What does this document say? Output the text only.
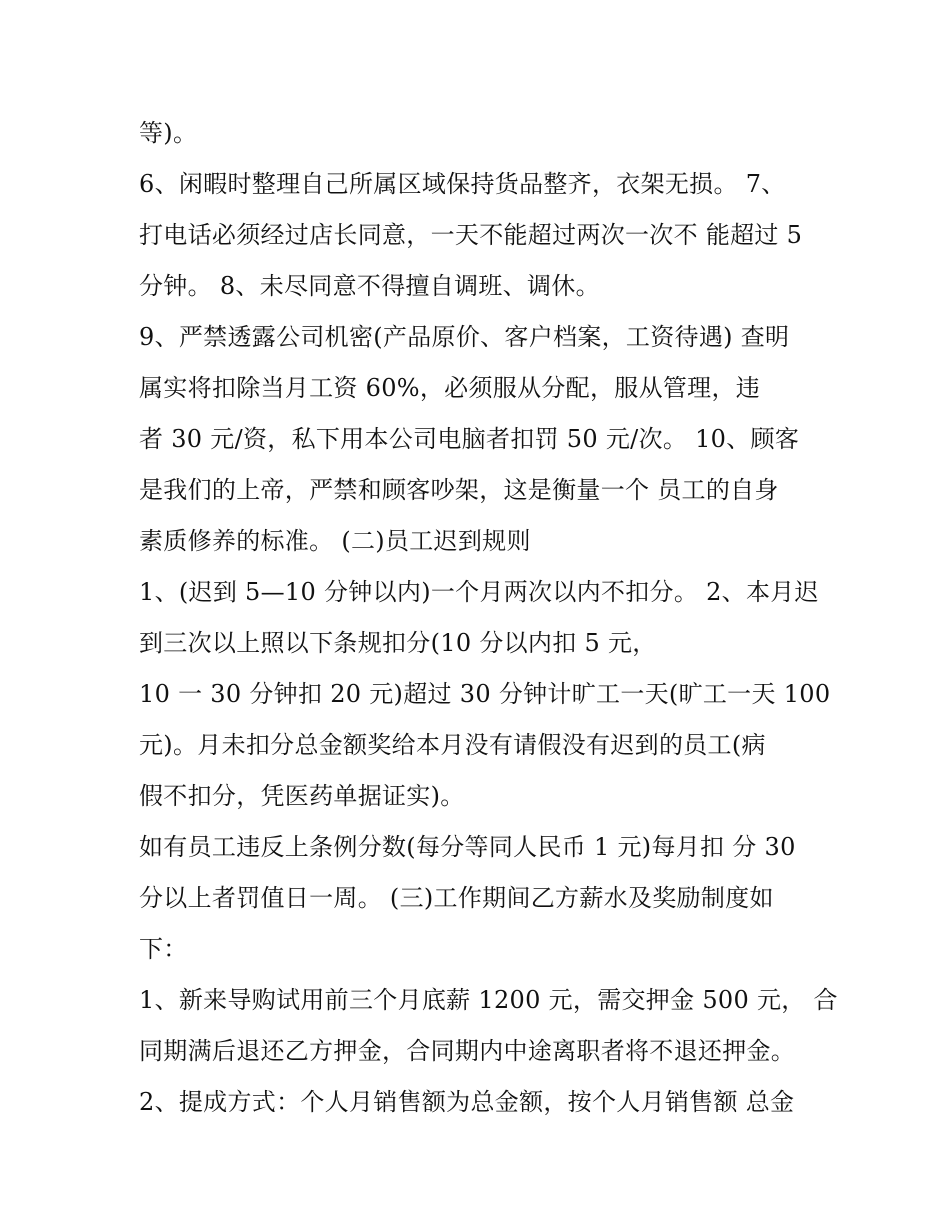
等)。
6、闲暇时整理自己所属区域保持货品整齐，衣架无损。 7、
打电话必须经过店长同意，一天不能超过两次一次不 能超过 5
分钟。 8、未尽同意不得擅自调班、调休。
9、严禁透露公司机密(产品原价、客户档案，工资待遇) 查明
属实将扣除当月工资 60%，必须服从分配，服从管理，违
者 30 元/资，私下用本公司电脑者扣罚 50 元/次。 10、顾客
是我们的上帝，严禁和顾客吵架，这是衡量一个 员工的自身
素质修养的标准。 (二)员工迟到规则
1、(迟到 5—10 分钟以内)一个月两次以内不扣分。 2、本月迟
到三次以上照以下条规扣分(10 分以内扣 5 元，
10 一 30 分钟扣 20 元)超过 30 分钟计旷工一天(旷工一天 100
元)。月未扣分总金额奖给本月没有请假没有迟到的员工(病
假不扣分，凭医药单据证实)。
如有员工违反上条例分数(每分等同人民币 1 元)每月扣 分 30
分以上者罚值日一周。 (三)工作期间乙方薪水及奖励制度如
下：
1、新来导购试用前三个月底薪 1200 元，需交押金 500 元， 合
同期满后退还乙方押金，合同期内中途离职者将不退还押金。
2、提成方式：个人月销售额为总金额，按个人月销售额 总金
